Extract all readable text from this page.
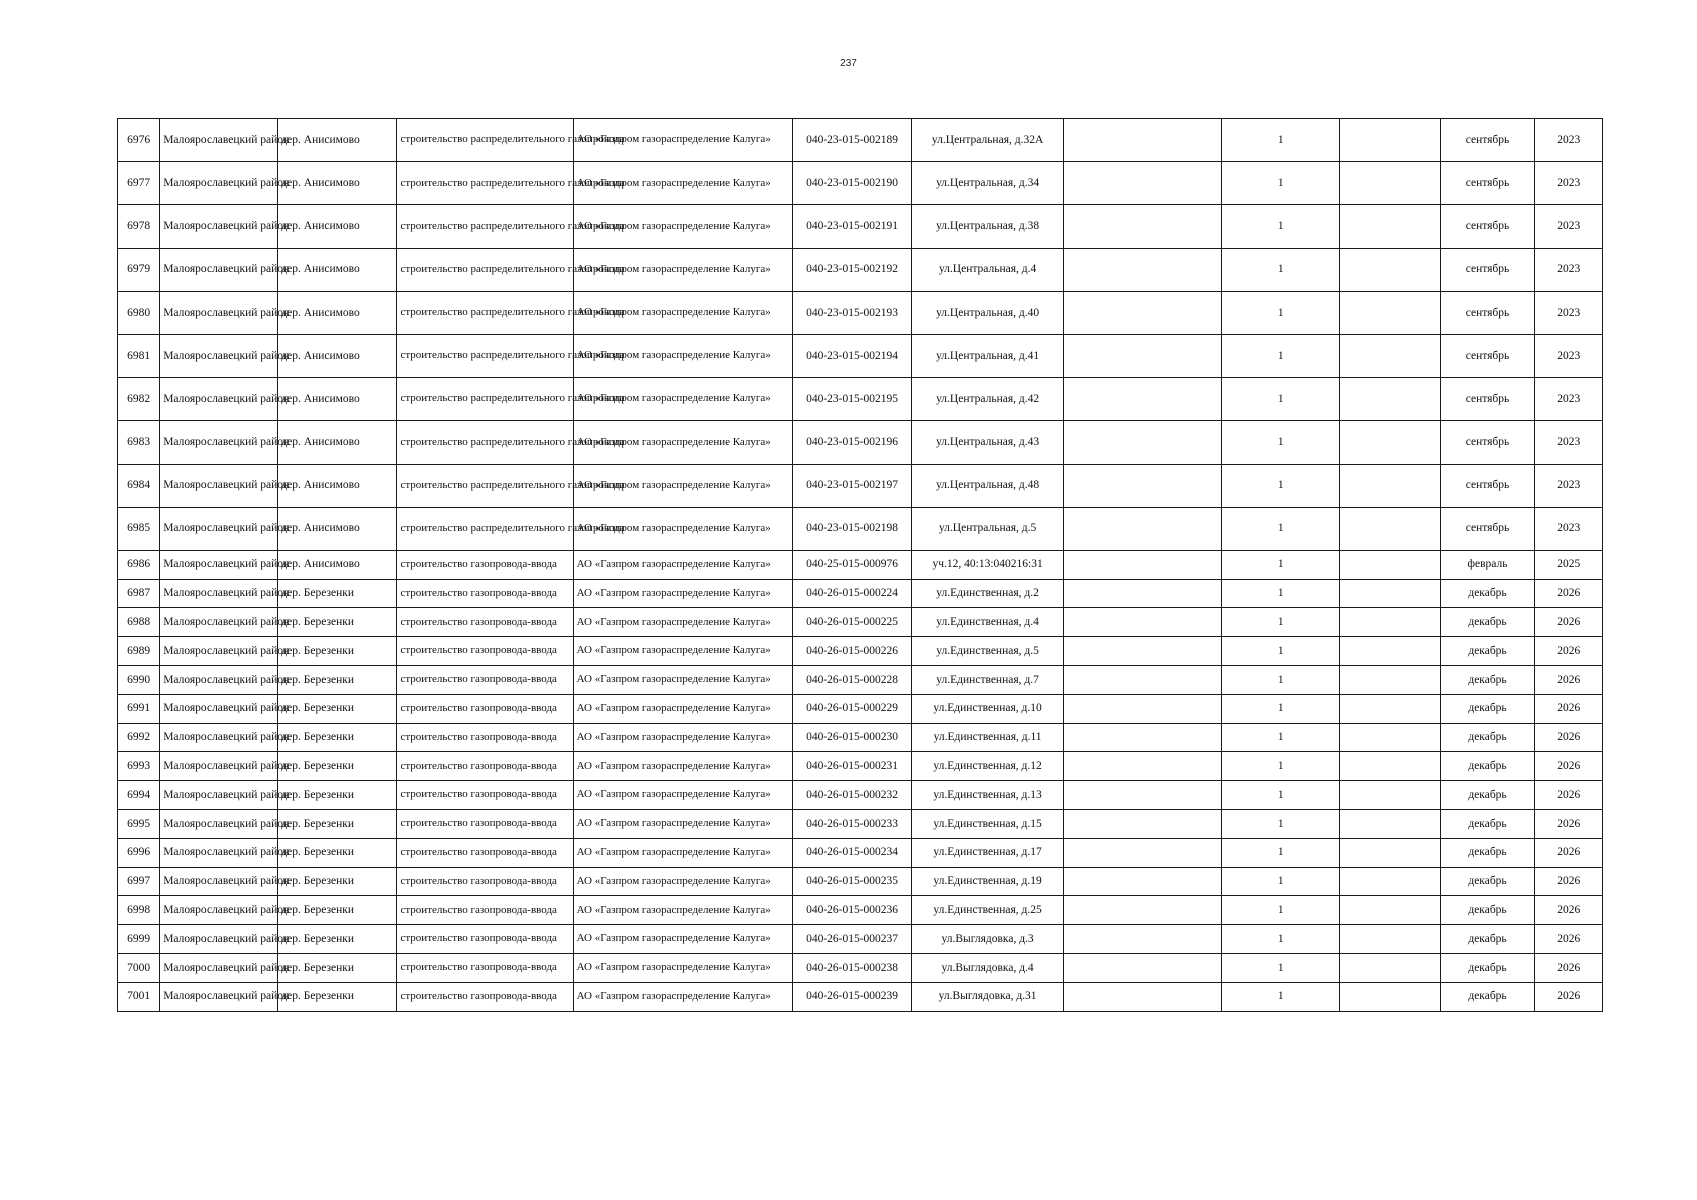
237
6976	Малоярославецкий район	дер. Анисимово	строительство распределительного газопровода	АО «Газпром газораспределение Калуга»	040-23-015-002189	ул.Центральная, д.32А		1		сентябрь	2023
6977	Малоярославецкий район	дер. Анисимово	строительство распределительного газопровода	АО «Газпром газораспределение Калуга»	040-23-015-002190	ул.Центральная, д.34		1		сентябрь	2023
6978	Малоярославецкий район	дер. Анисимово	строительство распределительного газопровода	АО «Газпром газораспределение Калуга»	040-23-015-002191	ул.Центральная, д.38		1		сентябрь	2023
6979	Малоярославецкий район	дер. Анисимово	строительство распределительного газопровода	АО «Газпром газораспределение Калуга»	040-23-015-002192	ул.Центральная, д.4		1		сентябрь	2023
6980	Малоярославецкий район	дер. Анисимово	строительство распределительного газопровода	АО «Газпром газораспределение Калуга»	040-23-015-002193	ул.Центральная, д.40		1		сентябрь	2023
6981	Малоярославецкий район	дер. Анисимово	строительство распределительного газопровода	АО «Газпром газораспределение Калуга»	040-23-015-002194	ул.Центральная, д.41		1		сентябрь	2023
6982	Малоярославецкий район	дер. Анисимово	строительство распределительного газопровода	АО «Газпром газораспределение Калуга»	040-23-015-002195	ул.Центральная, д.42		1		сентябрь	2023
6983	Малоярославецкий район	дер. Анисимово	строительство распределительного газопровода	АО «Газпром газораспределение Калуга»	040-23-015-002196	ул.Центральная, д.43		1		сентябрь	2023
6984	Малоярославецкий район	дер. Анисимово	строительство распределительного газопровода	АО «Газпром газораспределение Калуга»	040-23-015-002197	ул.Центральная, д.48		1		сентябрь	2023
6985	Малоярославецкий район	дер. Анисимово	строительство распределительного газопровода	АО «Газпром газораспределение Калуга»	040-23-015-002198	ул.Центральная, д.5		1		сентябрь	2023
6986	Малоярославецкий район	дер. Анисимово	строительство газопровода-ввода	АО «Газпром газораспределение Калуга»	040-25-015-000976	уч.12, 40:13:040216:31		1		февраль	2025
6987	Малоярославецкий район	дер. Березенки	строительство газопровода-ввода	АО «Газпром газораспределение Калуга»	040-26-015-000224	ул.Единственная, д.2		1		декабрь	2026
6988	Малоярославецкий район	дер. Березенки	строительство газопровода-ввода	АО «Газпром газораспределение Калуга»	040-26-015-000225	ул.Единственная, д.4		1		декабрь	2026
6989	Малоярославецкий район	дер. Березенки	строительство газопровода-ввода	АО «Газпром газораспределение Калуга»	040-26-015-000226	ул.Единственная, д.5		1		декабрь	2026
6990	Малоярославецкий район	дер. Березенки	строительство газопровода-ввода	АО «Газпром газораспределение Калуга»	040-26-015-000228	ул.Единственная, д.7		1		декабрь	2026
6991	Малоярославецкий район	дер. Березенки	строительство газопровода-ввода	АО «Газпром газораспределение Калуга»	040-26-015-000229	ул.Единственная, д.10		1		декабрь	2026
6992	Малоярославецкий район	дер. Березенки	строительство газопровода-ввода	АО «Газпром газораспределение Калуга»	040-26-015-000230	ул.Единственная, д.11		1		декабрь	2026
6993	Малоярославецкий район	дер. Березенки	строительство газопровода-ввода	АО «Газпром газораспределение Калуга»	040-26-015-000231	ул.Единственная, д.12		1		декабрь	2026
6994	Малоярославецкий район	дер. Березенки	строительство газопровода-ввода	АО «Газпром газораспределение Калуга»	040-26-015-000232	ул.Единственная, д.13		1		декабрь	2026
6995	Малоярославецкий район	дер. Березенки	строительство газопровода-ввода	АО «Газпром газораспределение Калуга»	040-26-015-000233	ул.Единственная, д.15		1		декабрь	2026
6996	Малоярославецкий район	дер. Березенки	строительство газопровода-ввода	АО «Газпром газораспределение Калуга»	040-26-015-000234	ул.Единственная, д.17		1		декабрь	2026
6997	Малоярославецкий район	дер. Березенки	строительство газопровода-ввода	АО «Газпром газораспределение Калуга»	040-26-015-000235	ул.Единственная, д.19		1		декабрь	2026
6998	Малоярославецкий район	дер. Березенки	строительство газопровода-ввода	АО «Газпром газораспределение Калуга»	040-26-015-000236	ул.Единственная, д.25		1		декабрь	2026
6999	Малоярославецкий район	дер. Березенки	строительство газопровода-ввода	АО «Газпром газораспределение Калуга»	040-26-015-000237	ул.Выглядовка, д.3		1		декабрь	2026
7000	Малоярославецкий район	дер. Березенки	строительство газопровода-ввода	АО «Газпром газораспределение Калуга»	040-26-015-000238	ул.Выглядовка, д.4		1		декабрь	2026
7001	Малоярославецкий район	дер. Березенки	строительство газопровода-ввода	АО «Газпром газораспределение Калуга»	040-26-015-000239	ул.Выглядовка, д.31		1		декабрь	2026
